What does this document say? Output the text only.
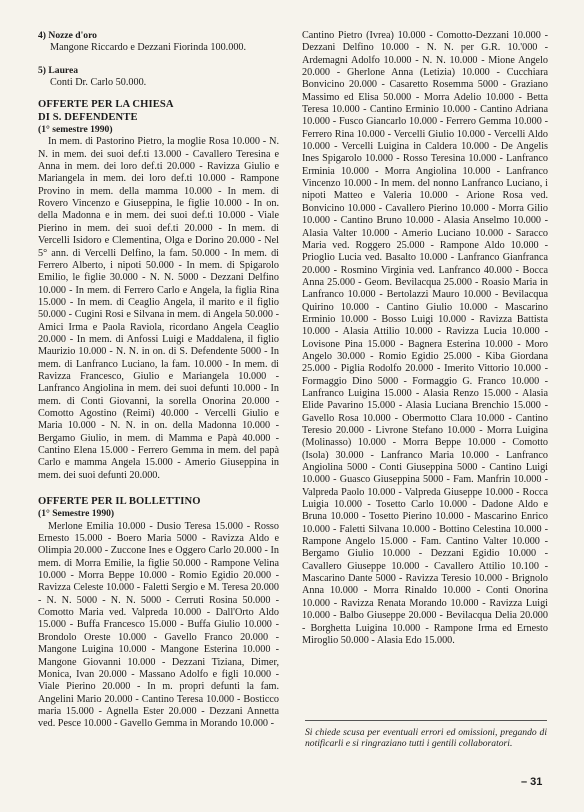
4) Nozze d'oro
Mangone Riccardo e Dezzani Fiorinda 100.000.
5) Laurea
Conti Dr. Carlo 50.000.
OFFERTE PER LA CHIESA
DI S. DEFENDENTE
(1° semestre 1990)

In mem. di Pastorino Pietro, la moglie Rosa 10.000 - N. N. in mem. dei suoi def.ti 13.000 - Cavallero Teresina e Anna in mem. dei loro def.ti 20.000 - Ravizza Giulio e Mariangela in mem. dei loro def.ti 10.000 - Rampone Provino in mem. della mamma 10.000 - In mem. di Rovero Vincenzo e Giuseppina, le figlie 10.000 - In on. della Madonna e in mem. dei suoi def.ti 10.000 - Viale Pierino in mem. dei suoi def.ti 20.000 - In mem. di Vercelli Isidoro e Clementina, Olga e Dorino 20.000 - Nel 5° ann. di Vercelli Delfino, la fam. 50.000 - In mem. di Ferrero Alberto, i nipoti 50.000 - In mem. di Spigarolo Emilio, le figlie 30.000 - N. N. 5000 - Dezzani Delfino 10.000 - In mem. di Ferrero Carlo e Angela, la figlia Rina 15.000 - In mem. di Ceaglio Angela, il marito e il figlio 50.000 - Cugini Rosi e Silvana in mem. di Angela 50.000 - Amici Irma e Paola Raviola, ricordano Angela Ceaglio 20.000 - In mem. di Anfossi Luigi e Maddalena, il figlio Maurizio 10.000 - N. N. in on. di S. Defendente 5000 - In mem. di Lanfranco Luciano, la fam. 10.000 - In mem. di Ravizza Francesco, Giulio e Mariangela 10.000 - Lanfranco Angiolina in mem. dei suoi defunti 10.000 - In mem. di Conti Giovanni, la sorella Onorina 20.000 - Comotto Agostino (Reimi) 40.000 - Vercelli Giulio e Maria 10.000 - N. N. in on. della Madonna 10.000 - Bergamo Giulio, in mem. di Mamma e Papà 40.000 - Cantino Elena 15.000 - Ferrero Gemma in mem. del papà Carlo e mamma Angela 15.000 - Amerio Giuseppina in mem. dei suoi defunti 20.000.

OFFERTE PER IL BOLLETTINO
(1° Semestre 1990)

Merlone Emilia 10.000 - Dusio Teresa 15.000 - Rosso Ernesto 15.000 - Boero Maria 5000 - Ravizza Aldo e Olimpia 20.000 - Zuccone Ines e Oggero Carlo 20.000 - In mem. di Morra Emilie, la figlie 50.000 - Rampone Velina 10.000 - Morra Beppe 10.000 - Romio Egidio 20.000 - Ravizza Celeste 10.000 - Faletti Sergio e M. Teresa 20.000 - N. N. 5000 - N. N. 5000 - Cerruti Rosina 50.000 - Comotto Maria ved. Valpreda 10.000 - Dall'Orto Aldo 15.000 - Buffa Francesco 15.000 - Buffa Giulio 10.000 - Brondolo Oreste 10.000 - Gavello Franco 20.000 - Mangone Luigina 10.000 - Mangone Esterina 10.000 - Mangone Giovanni 10.000 - Dezzani Tiziana, Dimer, Monica, Ivan 20.000 - Massano Adolfo e figli 10.000 - Viale Pierino 20.000 - In m. propri defunti la fam. Angelini Mario 20.000 - Cantino Teresa 10.000 - Bosticco maria 15.000 - Agnella Ester 20.000 - Dezzani Annetta ved. Pesce 10.000 - Gavello Gemma in Morando 10.000 -

Cantino Pietro (Ivrea) 10.000 - Comotto-Dezzani 10.000 - Dezzani Delfino 10.000 - N. N. per G.R. 10.'000 - Ardemagni Adolfo 10.000 - N. N. 10.000 - Mione Angelo 20.000 - Gherlone Anna (Letizia) 10.000 - Cucchiara Bonvicino 20.000 - Casaretto Rosemma 5000 - Graziano Massimo ed Elisa 50.000 - Morra Adelio 10.000 - Betta Teresa 10.000 - Cantino Erminio 10.000 - Cantino Adriana 10.000 - Fusco Giancarlo 10.000 - Ferrero Gemma 10.000 - Ferrero Rina 10.000 - Vercelli Giulio 10.000 - Vercelli Aldo 10.000 - Vercelli Luigina in Caldera 10.000 - De Angelis Ines Spigarolo 10.000 - Rosso Teresina 10.000 - Lanfranco Erminia 10.000 - Morra Angiolina 10.000 - Lanfranco Vincenzo 10.000 - In mem. del nonno Lanfranco Luciano, i nipoti Matteo e Valeria 10.000 - Arione Rosa ved. Bonvicino 10.000 - Cavallero Pierino 10.000 - Morra Gilio 10.000 - Cantino Bruno 10.000 - Alasia Anselmo 10.000 - Alasia Valter 10.000 - Amerio Luciano 10.000 - Saracco Maria ved. Roggero 25.000 - Rampone Aldo 10.000 - Prioglio Lucia ved. Basalto 10.000 - Lanfranco Gianfranca 20.000 - Rosmino Virginia ved. Lanfranco 40.000 - Bocca Anna 25.000 - Geom. Bevilacqua 25.000 - Roasio Maria in Lanfranco 10.000 - Bertolazzi Mauro 10.000 - Bevilacqua Quirino 10.000 - Cantino Giulio 10.000 - Mascarino Erminio 10.000 - Bosso Luigi 10.000 - Ravizza Battista 10.000 - Alasia Attilio 10.000 - Ravizza Lucia 10.000 - Lovisone Pina 15.000 - Bagnera Esterina 10.000 - Moro Angelo 30.000 - Romio Egidio 25.000 - Kiba Giordana 25.000 - Piglia Rodolfo 20.000 - Imerito Vittorio 10.000 - Formaggio Dino 5000 - Formaggio G. Franco 10.000 - Lanfranco Luigina 15.000 - Alasia Renzo 15.000 - Alasia Elide Pavarino 15.000 - Alasia Luciana Brenchio 15.000 - Gavello Rosa 10.000 - Obermotto Clara 10.000 - Cantino Teresio 20.000 - Livrone Stefano 10.000 - Morra Luigina (Molinasso) 10.000 - Morra Beppe 10.000 - Comotto (Isola) 30.000 - Lanfranco Maria 10.000 - Lanfranco Angiolina 5000 - Conti Giuseppina 5000 - Cantino Luigi 10.000 - Guasco Giuseppina 5000 - Fam. Manfrin 10.000 - Valpreda Paolo 10.000 - Valpreda Giuseppe 10.000 - Rocca Luigia 10.000 - Tosetto Carlo 10.000 - Dadone Aldo e Bruna 10.000 - Tosetto Pierino 10.000 - Mascarino Enrico 10.000 - Faletti Silvana 10.000 - Bottino Celestina 10.000 - Rampone Angelo 15.000 - Fam. Cantino Valter 10.000 - Bergamo Giulio 10.000 - Dezzani Egidio 10.000 - Cavallero Giuseppe 10.000 - Cavallero Attilio 10.100 - Mascarino Dante 5000 - Ravizza Teresio 10.000 - Brignolo Anna 10.000 - Morra Rinaldo 10.000 - Conti Onorina 10.000 - Ravizza Renata Morando 10.000 - Ravizza Luigi 10.000 - Balbo Giuseppe 20.000 - Bevilacqua Delia 20.000 - Borghetta Luigina 10.000 - Rampone Irma ed Ernesto Miroglio 50.000 - Alasia Edo 15.000.

Si chiede scusa per eventuali errori ed omissioni, pregando di notificarli e si ringraziano tutti i gentili collaboratori.
– 31
